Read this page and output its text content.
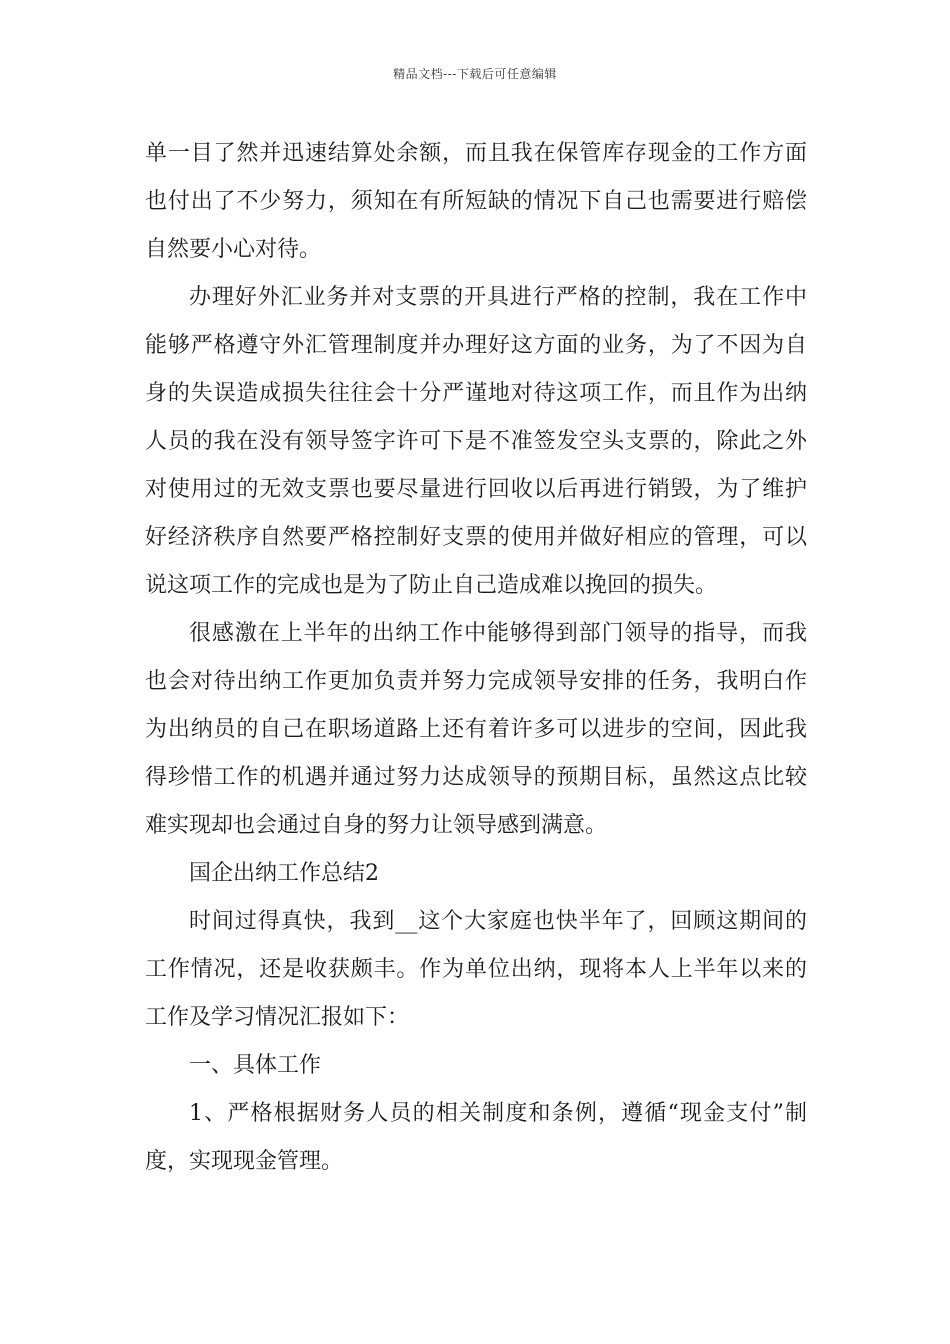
精品文档---下载后可任意编辑
单一目了然并迅速结算处余额，而且我在保管库存现金的工作方面
也付出了不少努力，须知在有所短缺的情况下自己也需要进行赔偿
自然要小心对待。
办理好外汇业务并对支票的开具进行严格的控制，我在工作中
能够严格遵守外汇管理制度并办理好这方面的业务，为了不因为自
身的失误造成损失往往会十分严谨地对待这项工作，而且作为出纳
人员的我在没有领导签字许可下是不准签发空头支票的，除此之外
对使用过的无效支票也要尽量进行回收以后再进行销毁，为了维护
好经济秩序自然要严格控制好支票的使用并做好相应的管理，可以
说这项工作的完成也是为了防止自己造成难以挽回的损失。
很感激在上半年的出纳工作中能够得到部门领导的指导，而我
也会对待出纳工作更加负责并努力完成领导安排的任务，我明白作
为出纳员的自己在职场道路上还有着许多可以进步的空间，因此我
得珍惜工作的机遇并通过努力达成领导的预期目标，虽然这点比较
难实现却也会通过自身的努力让领导感到满意。
国企出纳工作总结2
时间过得真快，我到__这个大家庭也快半年了，回顾这期间的
工作情况，还是收获颇丰。作为单位出纳，现将本人上半年以来的
工作及学习情况汇报如下：
一、具体工作
1、严格根据财务人员的相关制度和条例，遵循“现金支付”制
度，实现现金管理。
